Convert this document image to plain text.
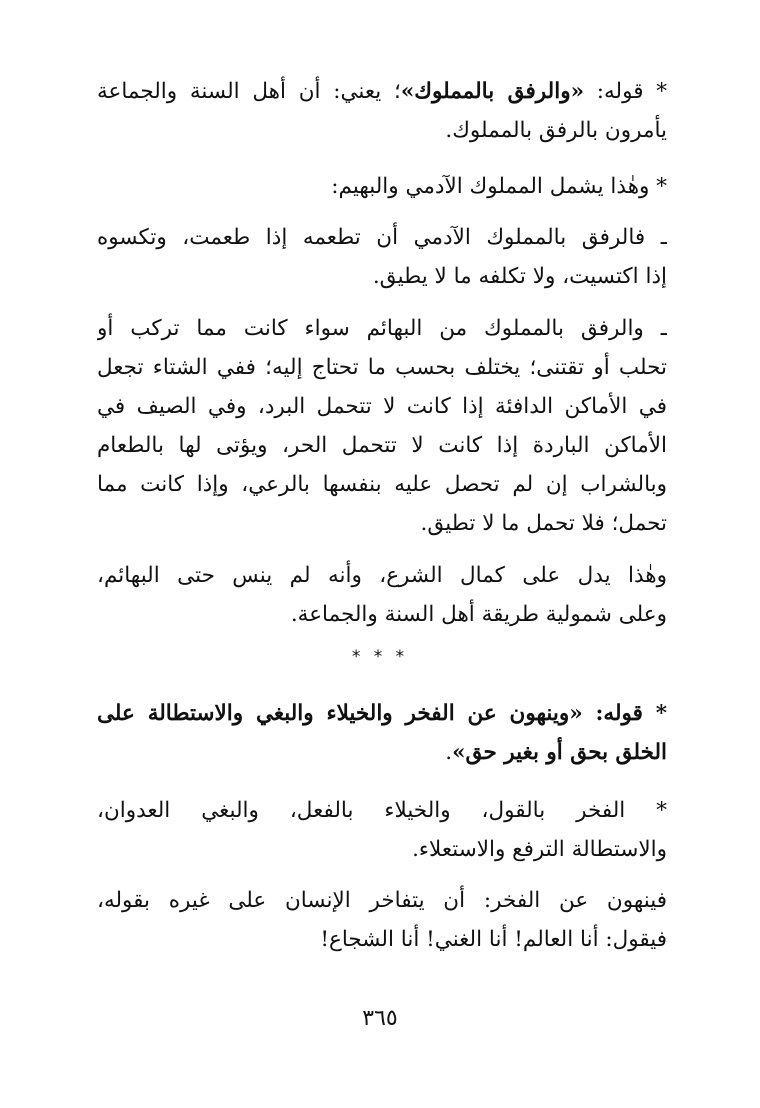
* قوله: «والرفق بالمملوك»؛ يعني: أن أهل السنة والجماعة
يأمرون بالرفق بالمملوك.
* وهٰذا يشمل المملوك الآدمي والبهيم:
ـ فالرفق بالمملوك الآدمي أن تطعمه إذا طعمت، وتكسوه
إذا اكتسيت، ولا تكلفه ما لا يطيق.
ـ والرفق بالمملوك من البهائم سواء كانت مما تركب أو
تحلب أو تقتنى؛ يختلف بحسب ما تحتاج إليه؛ ففي الشتاء تجعل
في الأماكن الدافئة إذا كانت لا تتحمل البرد، وفي الصيف في
الأماكن الباردة إذا كانت لا تتحمل الحر، ويؤتى لها بالطعام
وبالشراب إن لم تحصل عليه بنفسها بالرعي، وإذا كانت مما
تحمل؛ فلا تحمل ما لا تطيق.
وهٰذا يدل على كمال الشرع، وأنه لم ينس حتى البهائم،
وعلى شمولية طريقة أهل السنة والجماعة.
* * *
* قوله: «وينهون عن الفخر والخيلاء والبغي والاستطالة على
الخلق بحق أو بغير حق».
* الفخر بالقول، والخيلاء بالفعل، والبغي العدوان،
والاستطالة الترفع والاستعلاء.
فينهون عن الفخر: أن يتفاخر الإنسان على غيره بقوله،
فيقول: أنا العالم! أنا الغني! أنا الشجاع!
٣٦٥
